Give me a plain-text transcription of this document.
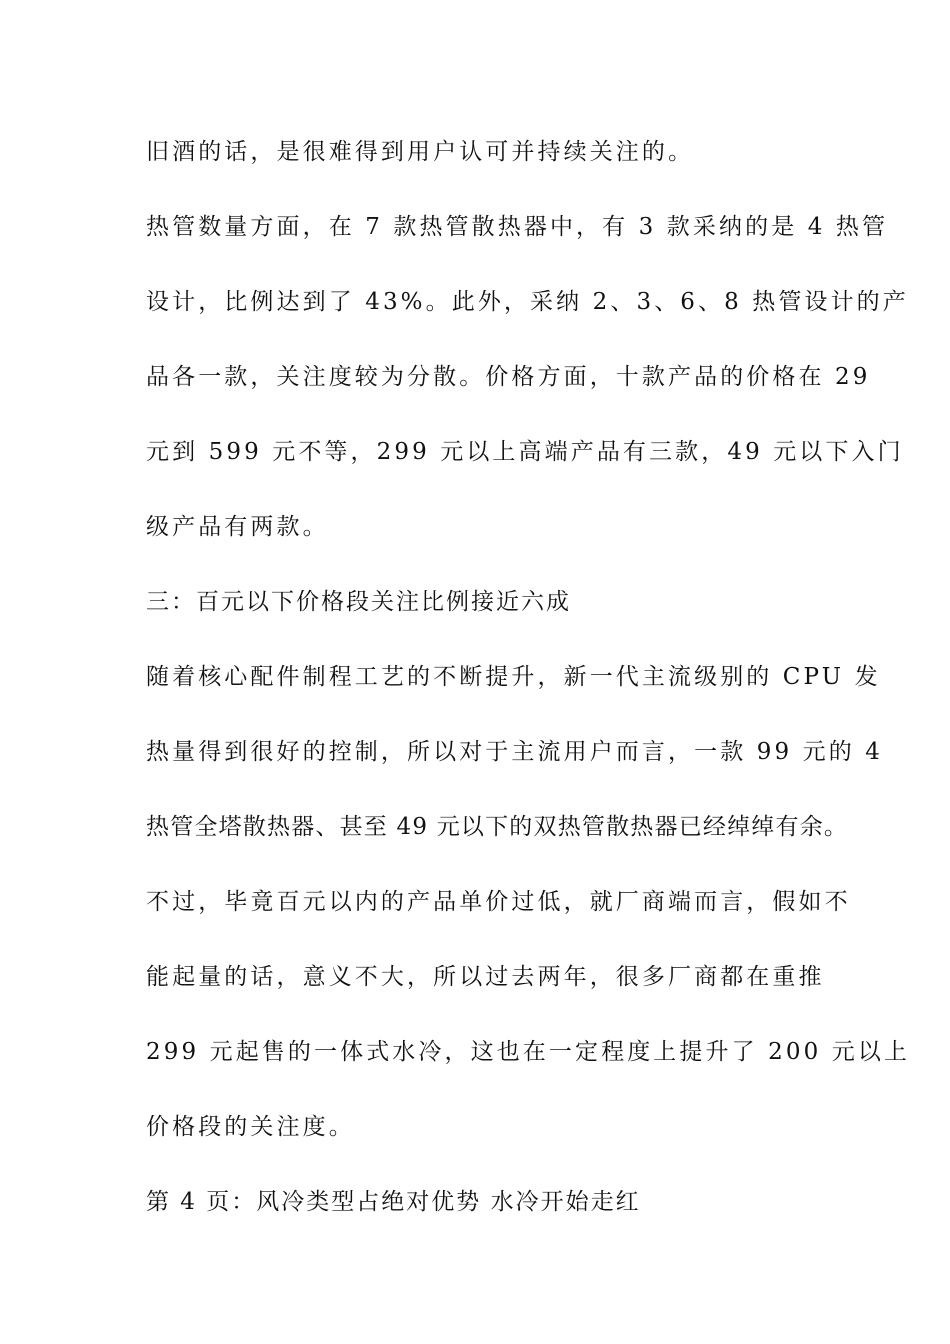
旧酒的话，是很难得到用户认可并持续关注的。
热管数量方面，在 7 款热管散热器中，有 3 款采纳的是 4 热管
设计，比例达到了 43%。此外，采纳 2、3、6、8 热管设计的产
品各一款，关注度较为分散。价格方面，十款产品的价格在 29
元到 599 元不等，299 元以上高端产品有三款，49 元以下入门
级产品有两款。
三：百元以下价格段关注比例接近六成
随着核心配件制程工艺的不断提升，新一代主流级别的 CPU 发
热量得到很好的控制，所以对于主流用户而言，一款 99 元的 4
热管全塔散热器、甚至 49 元以下的双热管散热器已经绰绰有余。
不过，毕竟百元以内的产品单价过低，就厂商端而言，假如不
能起量的话，意义不大，所以过去两年，很多厂商都在重推
299 元起售的一体式水冷，这也在一定程度上提升了 200 元以上
价格段的关注度。
第 4 页：风冷类型占绝对优势 水冷开始走红
